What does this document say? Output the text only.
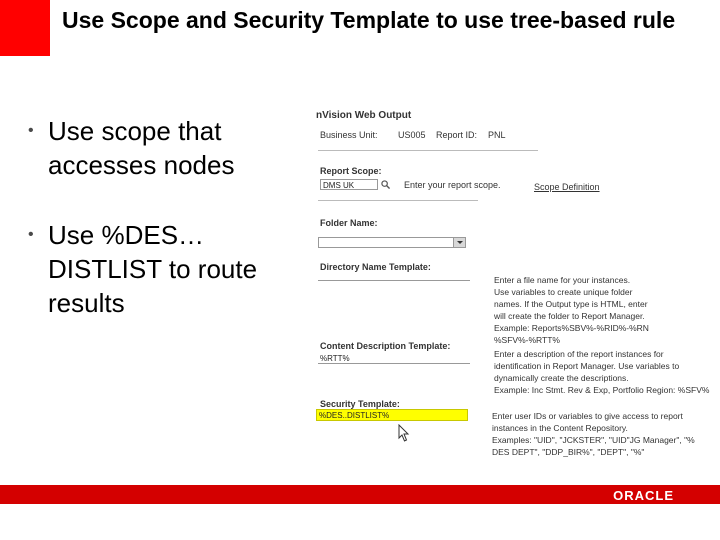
Use Scope and Security Template to use tree-based rule
• Use scope that accesses nodes
• Use %DES…DISTLIST to route results
nVision Web Output
Business Unit: US005 Report ID: PNL
Report Scope:
DMS UK	Enter your report scope.	Scope Definition
Folder Name:
Directory Name Template:
Enter a file name for your instances.
Use variables to create unique folder
names. If the Output type is HTML, enter
will create the folder to Report Manager.
Example: Reports%SBV%-%RID%-%RN
%SFV%-%RTT%
Content Description Template:
%RTT%	Enter a description of the report instances for
identification in Report Manager. Use variables to
dynamically create the descriptions.
Example: Inc Stmt. Rev & Exp, Portfolio Region: %SFV%
Security Template:
%DES..DISTLIST%	Enter user IDs or variables to give access to report
instances in the Content Repository.
Examples: "UID", "JCKSTER", "UID"JG Manager", "%
DES DEPT", "DDP_BIR%", "DEPT", "%"
ORACLE
